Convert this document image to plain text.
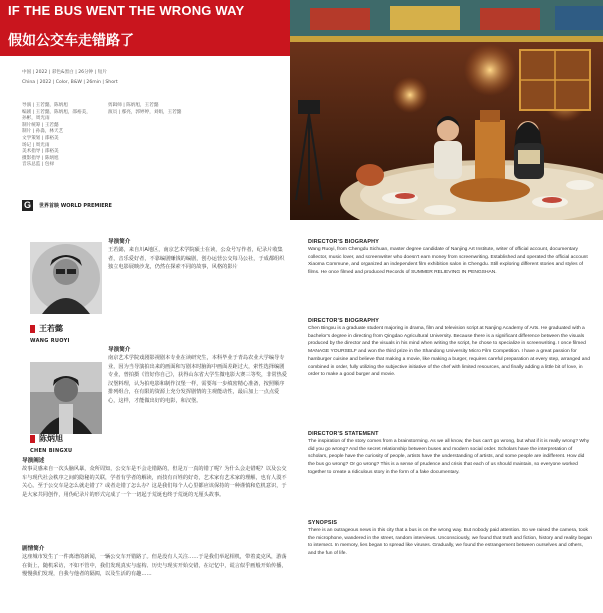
IF THE BUS WENT THE WRONG WAY
假如公交车走错路了
中国 | 2022 | 彩色&黑白 | 26分钟 | 短片
China | 2022 | Color, B&W | 26min | Short
导演 | 王若懿，陈炳旭
编剧 | 王若懿，陈炳旭，邵裕美，
孙彬，周光雨
制片统筹 | 王若懿
制片 | 孙淼，林天艺
文学策划 | 邵裕美
场记 | 周光雨
美术指导 | 邵裕美
摄影指导 | 陈炳旭
音乐总监 | 包禄
剪辑师 | 陈炳旭，王若懿
演员 | 鄢亮，郭婷婷，刘娟，王若懿
G	世界首映 WORLD PREMIERE
王若懿
WANG RUOYI
陈炳旭
CHEN BINGXU
导演简介
王若懿，来自川A地区，南京艺术学院硕士在读，公众号写作者，纪录片收集者，音乐爱好者，不靠编剧赚钱的编剧，创办运营公交每马公社，于成都组织独立电影展映沙龙，仍然在探索不同的故事，风格的影片
导演简介
南京艺术学院戏剧影视剧本专业在读研究生，本科毕业于青岛农业大学编导专业，因为当导演拍出来的画面和写剧本时脑海中画面差距过大，索性选择编剧专业，曾拍摄《管好你自己》，获得山东省大学生微电影大赛三等奖，非常热爱汉堡料理，认为拍电影和制作汉堡一样，需要每一步缜密精心准备，按照顺序排列组合，在有限的资源上充分发挥剧情的主观能动性，最后加上一点点爱心，这样，才能做出好的电影，和汉堡。
导演阐述
故事灵感来自一次头脑风暴，众所周知，公交车是不会走错路的，但是万一真的错了呢？为什么会走错呢？以及公交车与现代社会秩序之间的隐秘的关联，学者有学者的解读，而技有百姓的好奇，艺术家有艺术家的理解，也有人漠不关心。至于公交车是怎么就走错了？或者走错了怎么办？这是我们每个人心里都应该保持的一种谨慎和危机意识，于是大家共同创作，用伪纪录片的形式完成了一个一切起于荒诞也终于荒诞的无厘头故事。
剧情简介
这座城市发生了一件离谱的新闻，一辆公交车开错路了。但是没有人关注……于是我们举起相机，带着麦克风，游荡在街上，随机采访，不如不管中，我们发现真实与虚构、历史与现实开始交错，在记忆中，谎言似乎画般开始传播，慢慢我们发现，自我与他者的隔阂，以及生活的有趣……
DIRECTOR'S BIOGRAPHY
Wang Ruoyi, from Chengdu Sichuan, master degree candidate of Nanjing Art Institute, writer of official account, documentary collector, music lover, and screenwriter who doesn't earn money from screenwriting. Established and operated the official account Xiaoma Commune, and organized an independent film exhibition salon in Chengdu. Still exploring different stories and styles of films. He once filmed and produced Records of SUMMER RELIEVING IN PENGSHAN.
DIRECTOR'S BIOGRAPHY
Chen Bingxu is a graduate student majoring in drama, film and television script at Nanjing Academy of Arts. He graduated with a bachelor's degree in directing from Qingdao Agricultural University. Because there is a significant difference between the visuals produced by the director and the visuals in his mind when writing the script, he chose to specialize in screenwriting. I once filmed MANAGE YOURSELF and won the third prize in the Shandong University Micro Film Competition. I have a great passion for hamburger cuisine and believe that making a movie, like making a burger, requires careful preparation at every step, arranged and combined in order, fully utilizing the subjective initiative of the chef with limited resources, and finally adding a little bit of love, in order to make a good burger and movie.
DIRECTOR'S STATEMENT
The inspiration of the story comes from a brainstorming. As we all know, the bus can't go wrong, but what if it is really wrong? Why did you go wrong? And the secret relationship between buses and modern social order. Scholars have the interpretation of scholars, people have the curiosity of people, artists have the understanding of artists, and some people are indifferent. How did the bus go wrong? Or go wrong? This is a sense of prudence and crisis that each of us should maintain, so everyone worked together to create a ridiculous story in the form of a fake documentary.
SYNOPSIS
There is an outrageous news in this city that a bus is on the wrong way. But nobody paid attention. So we raised the camera, took the microphone, wandered in the street, random interviews. Unconsciously, we found that truth and fiction, history and reality began to intersect. In memory, lies began to spread like viruses. Gradually, we found the estrangement between ourselves and others, and the fun of life.
